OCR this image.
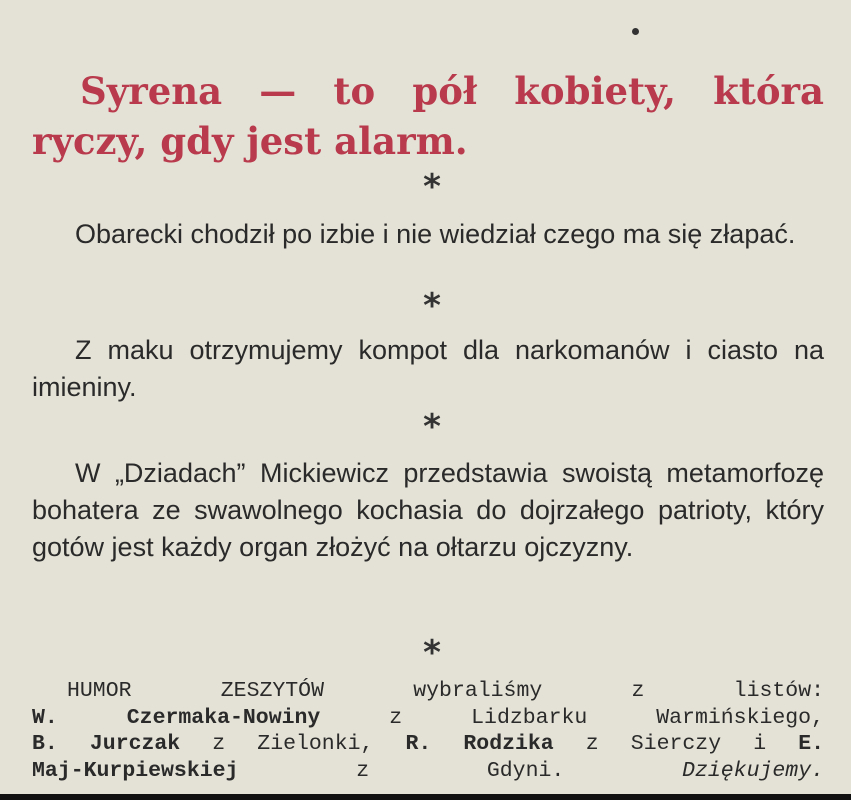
Syrena — to pół kobiety, która ryczy, gdy jest alarm.
*
Obarecki chodził po izbie i nie wiedział czego ma się złapać.
*
Z maku otrzymujemy kompot dla narkomanów i ciasto na imieniny.
*
W „Dziadach” Mickiewicz przedstawia swoistą metamorfozę bohatera ze swawolnego kochasia do dojrzałego patrioty, który gotów jest każdy organ złożyć na ołtarzu ojczyzny.
*
HUMOR ZESZYTÓW wybraliśmy z listów:
W. Czermaka-Nowiny z Lidzbarku Warmińskiego,
B. Jurczak z Zielonki, R. Rodzika z Sierczy i E.
Maj-Kurpiewskiej z Gdyni.	Dziękujemy.
